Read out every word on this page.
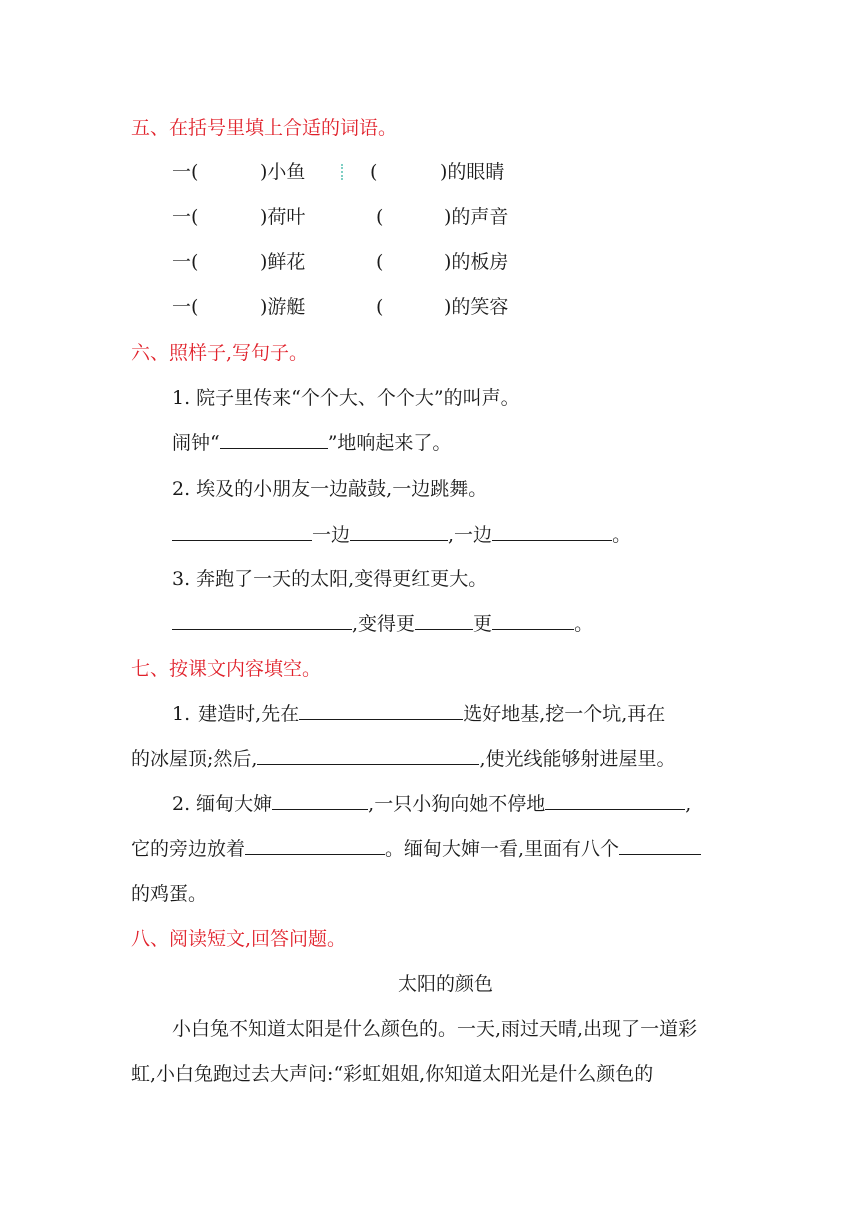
五、在括号里填上合适的词语。
一(	)小鱼	(	)的眼睛
一(	)荷叶	(	)的声音
一(	)鲜花	(	)的板房
一(	)游艇	(	)的笑容
六、照样子,写句子。
1. 院子里传来“个个大、个个大”的叫声。
闹钟“	”地响起来了。
2. 埃及的小朋友一边敲鼓,一边跳舞。
一边	,一边	。
3. 奔跑了一天的太阳,变得更红更大。
,变得更	更	。
七、按课文内容填空。
1. 建造时,先在	选好地基,挖一个坑,再在
的冰屋顶;然后,	,使光线能够射进屋里。
2. 缅甸大婶	,一只小狗向她不停地	,
它的旁边放着	。缅甸大婶一看,里面有八个
的鸡蛋。
八、阅读短文,回答问题。
太阳的颜色
小白兔不知道太阳是什么颜色的。一天,雨过天晴,出现了一道彩
虹,小白兔跑过去大声问:“彩虹姐姐,你知道太阳光是什么颜色的
